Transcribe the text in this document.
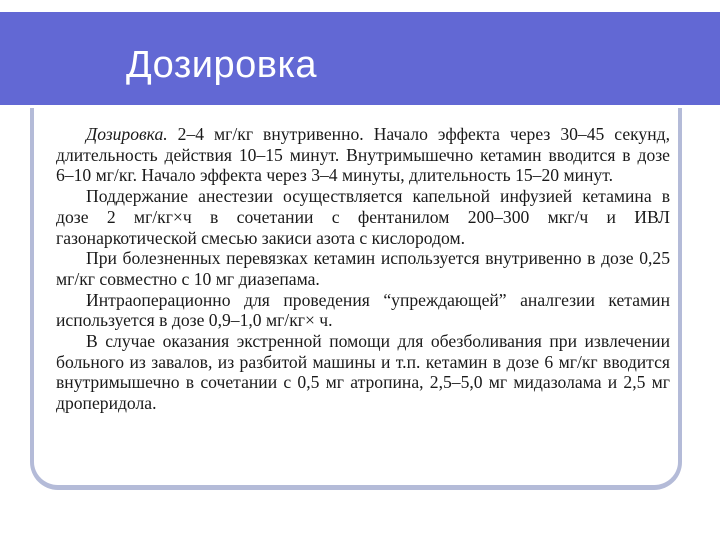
Дозировка

Дозировка. 2–4 мг/кг внутривенно. Начало эффекта через 30–45 секунд, длительность действия 10–15 минут. Внутримышечно кетамин вводится в дозе 6–10 мг/кг. Начало эффекта через 3–4 минуты, длительность 15–20 минут.

Поддержание анестезии осуществляется капельной инфузией кетамина в дозе 2 мг/кг×ч в сочетании с фентанилом 200–300 мкг/ч и ИВЛ газонаркотической смесью закиси азота с кислородом.

При болезненных перевязках кетамин используется внутривенно в дозе 0,25 мг/кг совместно с 10 мг диазепама.

Интраоперационно для проведения “упреждающей” аналгезии кетамин используется в дозе 0,9–1,0 мг/кг× ч.

В случае оказания экстренной помощи для обезболивания при извлечении больного из завалов, из разбитой машины и т.п. кетамин в дозе 6 мг/кг вводится внутримышечно в сочетании с 0,5 мг атропина, 2,5–5,0 мг мидазолама и 2,5 мг дроперидола.
